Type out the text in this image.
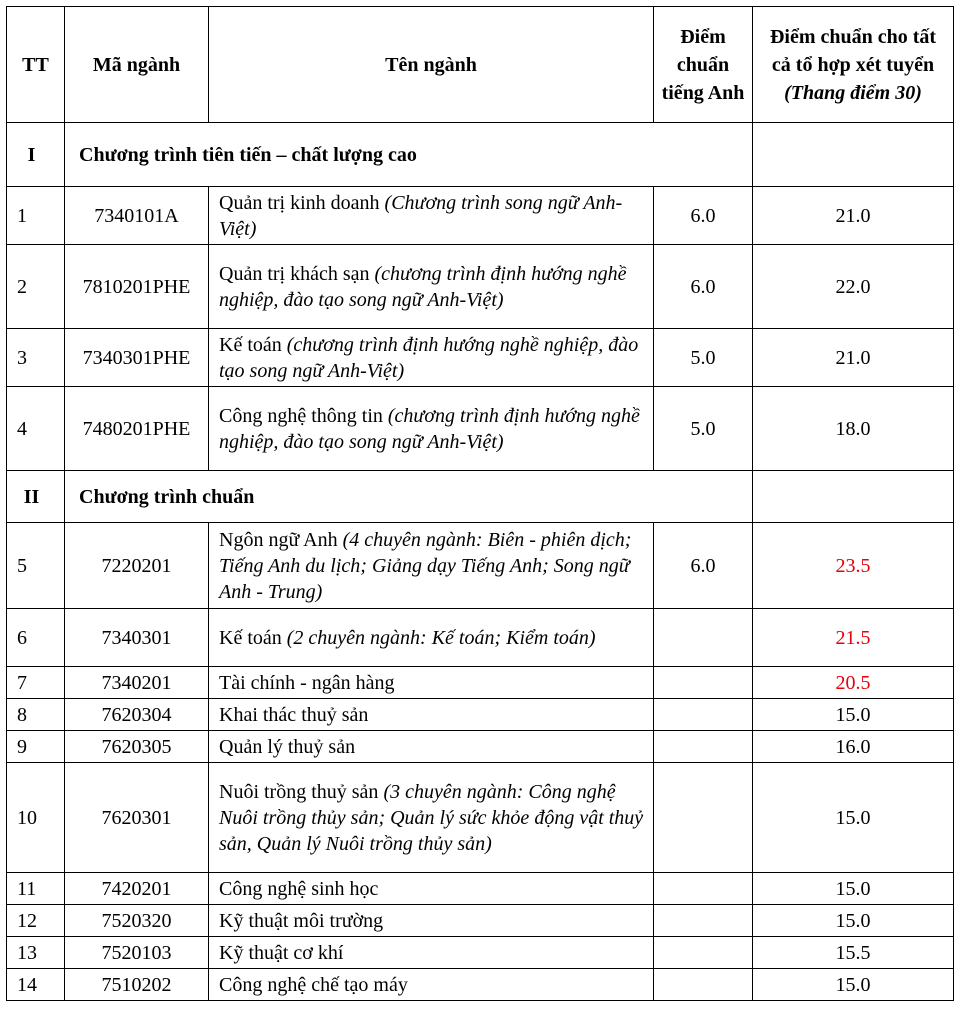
TT	Mã ngành	Tên ngành	Điểm chuẩn tiếng Anh	Điểm chuẩn cho tất cả tổ hợp xét tuyển
(Thang điểm 30)
I	Chương trình tiên tiến – chất lượng cao			
1	7340101A	Quản trị kinh doanh (Chương trình song ngữ Anh-Việt)	6.0	21.0
2	7810201PHE	Quản trị khách sạn (chương trình định hướng nghề nghiệp, đào tạo song ngữ Anh-Việt)	6.0	22.0
3	7340301PHE	Kế toán (chương trình định hướng nghề nghiệp, đào tạo song ngữ Anh-Việt)	5.0	21.0
4	7480201PHE	Công nghệ thông tin (chương trình định hướng nghề nghiệp, đào tạo song ngữ Anh-Việt)	5.0	18.0
II	Chương trình chuẩn			
5	7220201	Ngôn ngữ Anh (4 chuyên ngành: Biên - phiên dịch; Tiếng Anh du lịch; Giảng dạy Tiếng Anh; Song ngữ Anh - Trung)	6.0	23.5
6	7340301	Kế toán (2 chuyên ngành: Kế toán; Kiểm toán)		21.5
7	7340201	Tài chính - ngân hàng		20.5
8	7620304	Khai thác thuỷ sản		15.0
9	7620305	Quản lý thuỷ sản		16.0
10	7620301	Nuôi trồng thuỷ sản (3 chuyên ngành: Công nghệ Nuôi trồng thủy sản; Quản lý sức khỏe động vật thuỷ sản, Quản lý Nuôi trồng thủy sản)		15.0
11	7420201	Công nghệ sinh học		15.0
12	7520320	Kỹ thuật môi trường		15.0
13	7520103	Kỹ thuật cơ khí		15.5
14	7510202	Công nghệ chế tạo máy		15.0
